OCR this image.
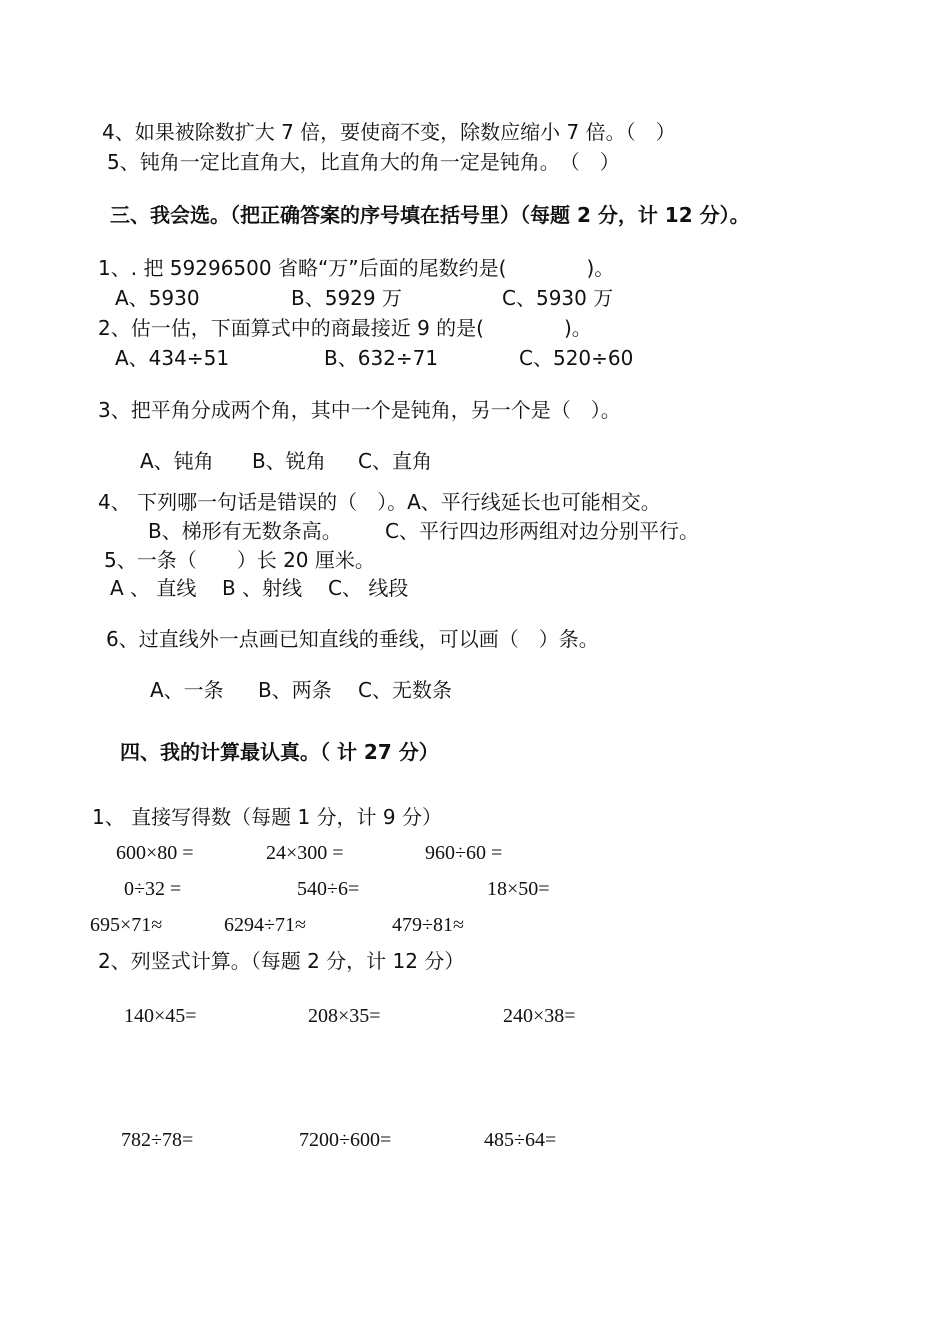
4、如果被除数扩大 7 倍，要使商不变，除数应缩小 7 倍。（　）
5、钝角一定比直角大，比直角大的角一定是钝角。　（　）
三、我会选。（把正确答案的序号填在括号里）（每题 2 分，计 12 分）。
1、. 把 59296500 省略“万”后面的尾数约是(　　　　)。
A、5930	B、5929 万	C、5930 万
2、估一估，下面算式中的商最接近 9 的是(　　　　)。
A、434÷51	B、632÷71	C、520÷60
3、把平角分成两个角，其中一个是钝角，另一个是（　）。
A、钝角 B、锐角 C、直角
4、 下列哪一句话是错误的（　）。A、平行线延长也可能相交。
B、梯形有无数条高。 C、平行四边形两组对边分别平行。
5、一条（　　）长 20 厘米。
A 、 直线 B 、射线 C、 线段
6、过直线外一点画已知直线的垂线，可以画（　）条。
A、一条 B、两条 C、无数条
四、我的计算最认真。（ 计 27 分）
1、 直接写得数（每题 1 分，计 9 分）
600×80 =	24×300 =	960÷60 =
0÷32 =	540÷6=	18×50=
695×71≈	6294÷71≈	479÷81≈
2、列竖式计算。（每题 2 分，计 12 分）
140×45=	208×35=	240×38=
782÷78=	7200÷600=	485÷64=
